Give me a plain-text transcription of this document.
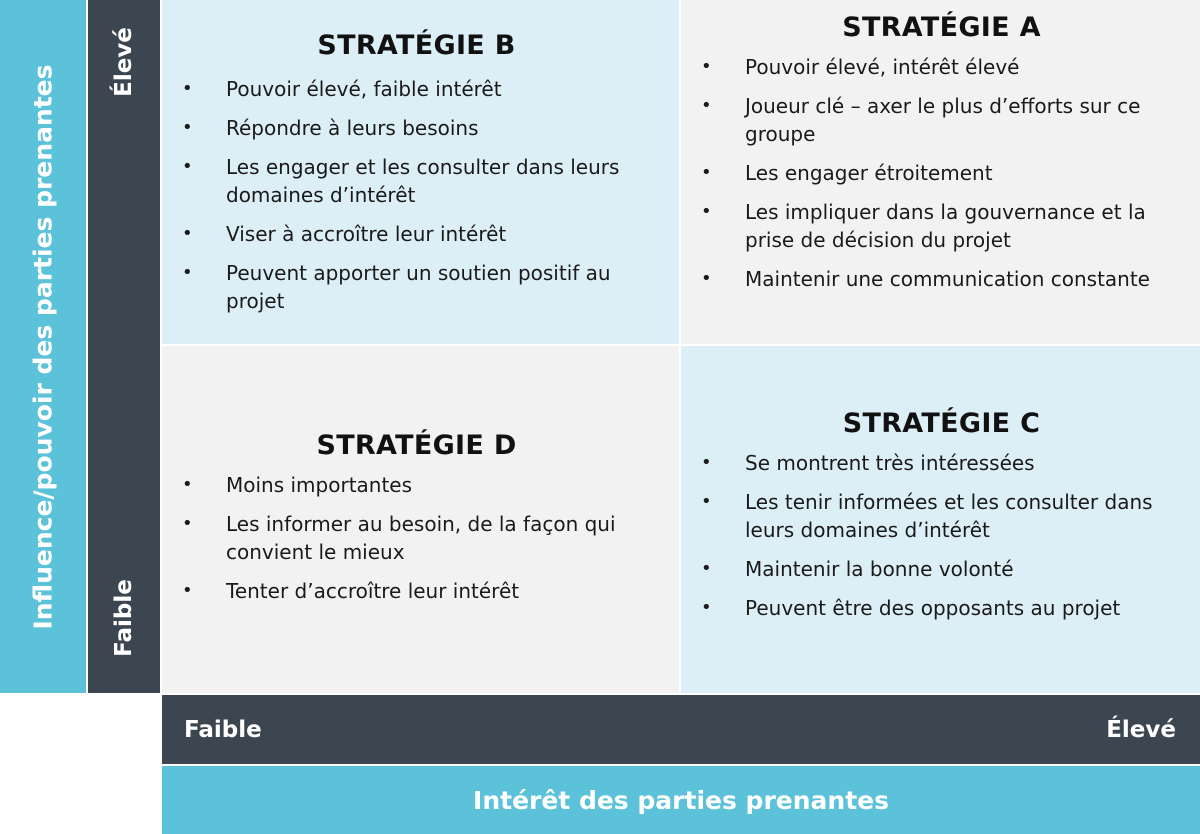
Influence/pouvoir des parties prenantes
Élevé
Faible
STRATÉGIE B
• Pouvoir élevé, faible intérêt
• Répondre à leurs besoins
• Les engager et les consulter dans leurs domaines d’intérêt
• Viser à accroître leur intérêt
• Peuvent apporter un soutien positif au projet
STRATÉGIE A
• Pouvoir élevé, intérêt élevé
• Joueur clé – axer le plus d’efforts sur ce groupe
• Les engager étroitement
• Les impliquer dans la gouvernance et la prise de décision du projet
• Maintenir une communication constante
STRATÉGIE D
• Moins importantes
• Les informer au besoin, de la façon qui convient le mieux
• Tenter d’accroître leur intérêt
STRATÉGIE C
• Se montrent très intéressées
• Les tenir informées et les consulter dans leurs domaines d’intérêt
• Maintenir la bonne volonté
• Peuvent être des opposants au projet
Faible	Élevé
Intérêt des parties prenantes
